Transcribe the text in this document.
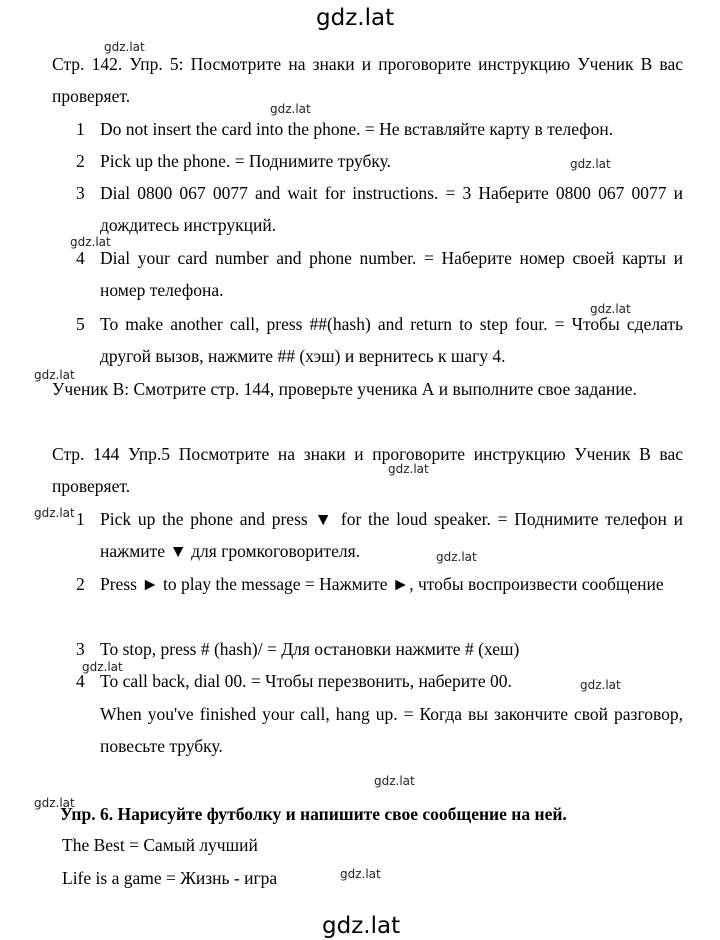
gdz.lat
gdz.lat
gdz.lat
gdz.lat
gdz.lat
gdz.lat
gdz.lat
gdz.lat
gdz.lat
gdz.lat
gdz.lat
gdz.lat
gdz.lat
gdz.lat
gdz.lat
gdz.lat
Стр. 142. Упр. 5: Посмотрите на знаки и проговорите инструкцию Ученик В вас проверяет.
1 Do not insert the card into the phone. = Не вставляйте карту в телефон.
2 Pick up the phone. = Поднимите трубку.
3 Dial 0800 067 0077 and wait for instructions. = 3 Наберите 0800 067 0077 и дождитесь инструкций.
4 Dial your card number and phone number. = Наберите номер своей карты и номер телефона.
5 To make another call, press ##(hash) and return to step four. = Чтобы сделать другой вызов, нажмите ## (хэш) и вернитесь к шагу 4.
Ученик В: Смотрите стр. 144, проверьте ученика А и выполните свое задание.
Стр. 144 Упр.5 Посмотрите на знаки и проговорите инструкцию Ученик В вас проверяет.
1 Pick up the phone and press ▼ for the loud speaker. = Поднимите телефон и нажмите ▼ для громкоговорителя.
2 Press ► to play the message = Нажмите ►, чтобы воспроизвести сообщение
3 To stop, press # (hash)/ = Для остановки нажмите # (хеш)
4 To call back, dial 00. = Чтобы перезвонить, наберите 00.
When you've finished your call, hang up. = Когда вы закончите свой разговор, повесьте трубку.
Упр. 6. Нарисуйте футболку и напишите свое сообщение на ней.
The Best = Самый лучший
Life is a game = Жизнь - игра
